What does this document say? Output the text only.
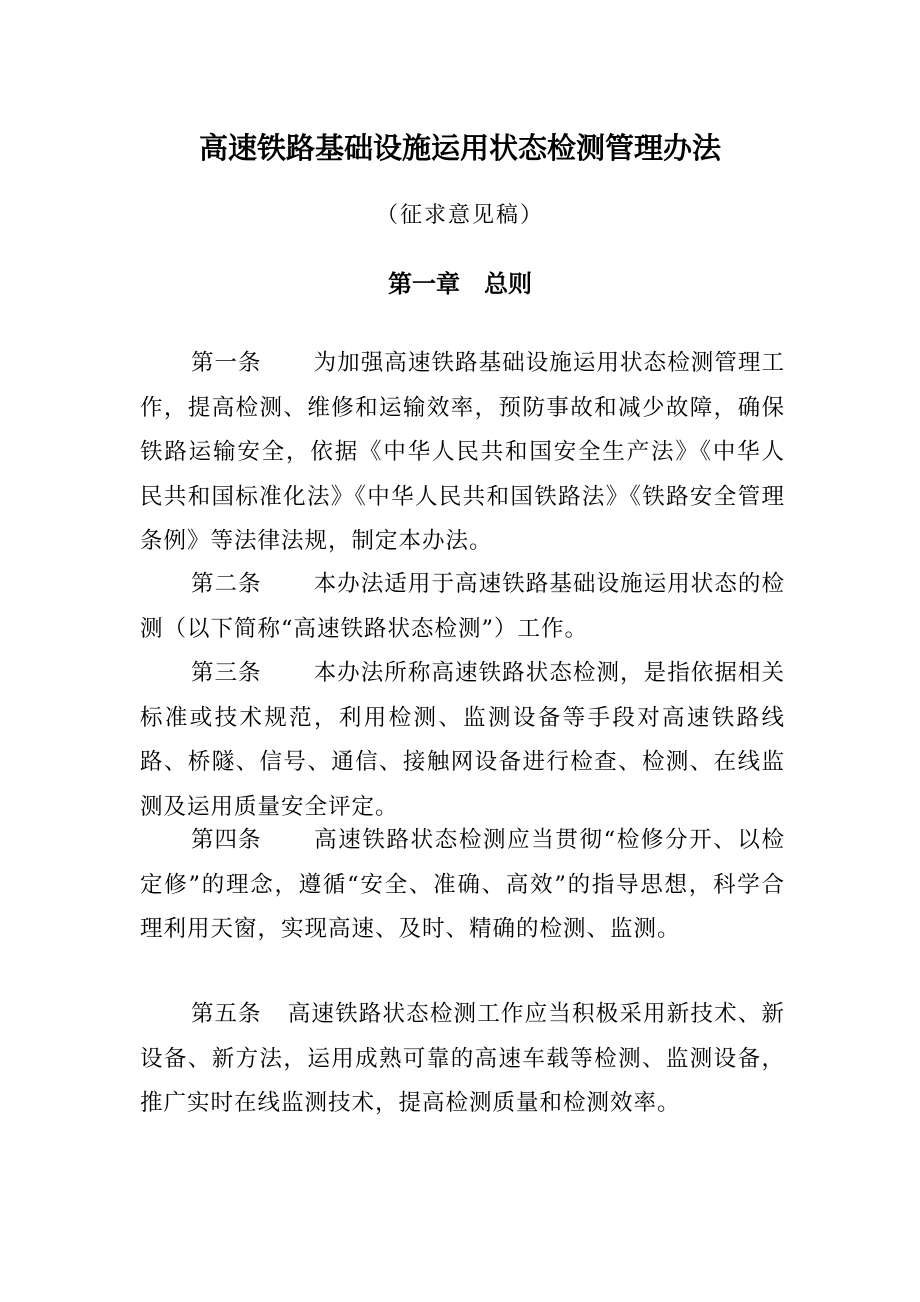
高速铁路基础设施运用状态检测管理办法
（征求意见稿）
第一章　总则

第一条 为加强高速铁路基础设施运用状态检测管理工作，提高检测、维修和运输效率，预防事故和减少故障，确保铁路运输安全，依据《中华人民共和国安全生产法》《中华人民共和国标准化法》《中华人民共和国铁路法》《铁路安全管理条例》等法律法规，制定本办法。

第二条 本办法适用于高速铁路基础设施运用状态的检测（以下简称“高速铁路状态检测”）工作。

第三条 本办法所称高速铁路状态检测，是指依据相关标准或技术规范，利用检测、监测设备等手段对高速铁路线路、桥隧、信号、通信、接触网设备进行检查、检测、在线监测及运用质量安全评定。

第四条 高速铁路状态检测应当贯彻“检修分开、以检定修”的理念，遵循“安全、准确、高效”的指导思想，科学合理利用天窗，实现高速、及时、精确的检测、监测。

第五条 高速铁路状态检测工作应当积极采用新技术、新设备、新方法，运用成熟可靠的高速车载等检测、监测设备，推广实时在线监测技术，提高检测质量和检测效率。
